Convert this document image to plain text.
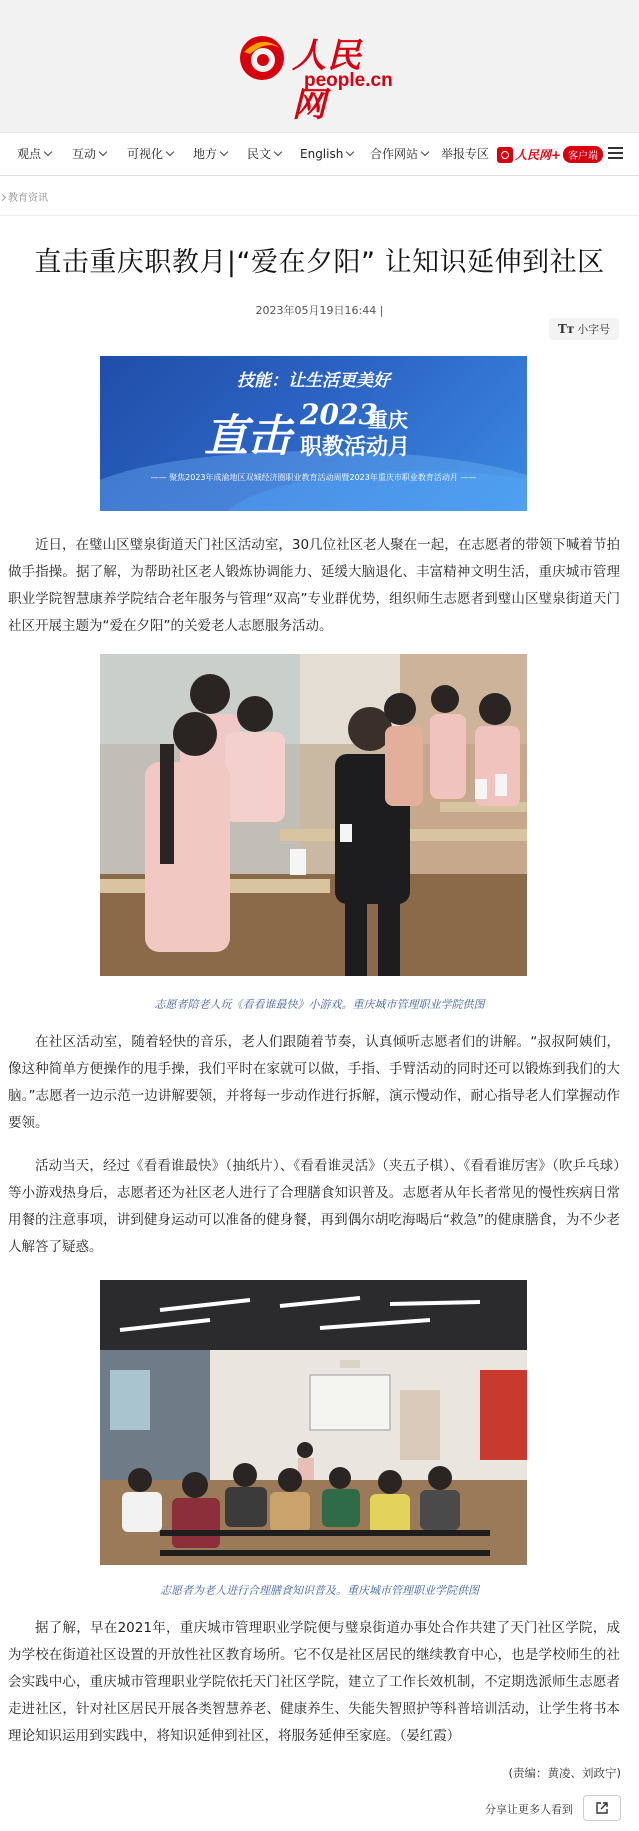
人民网
people.cn
观点	互动	可视化	地方	民文	English	合作网站	举报专区	人民网+ 客户端
教育资讯
直击重庆职教月|“爱在夕阳” 让知识延伸到社区
2023年05月19日16:44 |
Tт 小字号
技能：让生活更美好
直击 2023
重庆
职教活动月
—— 聚焦2023年成渝地区双城经济圈职业教育活动周暨2023年重庆市职业教育活动月 ——

近日，在璧山区璧泉街道天门社区活动室，30几位社区老人聚在一起，在志愿者的带领下喊着节拍做手指操。据了解，为帮助社区老人锻炼协调能力、延缓大脑退化、丰富精神文明生活，重庆城市管理职业学院智慧康养学院结合老年服务与管理“双高”专业群优势，组织师生志愿者到璧山区璧泉街道天门社区开展主题为“爱在夕阳”的关爱老人志愿服务活动。

志愿者陪老人玩《看看谁最快》小游戏。重庆城市管理职业学院供图

在社区活动室，随着轻快的音乐，老人们跟随着节奏，认真倾听志愿者们的讲解。“叔叔阿姨们，像这种简单方便操作的甩手操，我们平时在家就可以做，手指、手臂活动的同时还可以锻炼到我们的大脑。”志愿者一边示范一边讲解要领，并将每一步动作进行拆解，演示慢动作，耐心指导老人们掌握动作要领。

活动当天，经过《看看谁最快》（抽纸片）、《看看谁灵活》（夹五子棋）、《看看谁厉害》（吹乒乓球）等小游戏热身后，志愿者还为社区老人进行了合理膳食知识普及。志愿者从年长者常见的慢性疾病日常用餐的注意事项，讲到健身运动可以准备的健身餐，再到偶尔胡吃海喝后“救急”的健康膳食，为不少老人解答了疑惑。

志愿者为老人进行合理膳食知识普及。重庆城市管理职业学院供图

据了解，早在2021年，重庆城市管理职业学院便与璧泉街道办事处合作共建了天门社区学院，成为学校在街道社区设置的开放性社区教育场所。它不仅是社区居民的继续教育中心，也是学校师生的社会实践中心，重庆城市管理职业学院依托天门社区学院，建立了工作长效机制，不定期选派师生志愿者走进社区，针对社区居民开展各类智慧养老、健康养生、失能失智照护等科普培训活动，让学生将书本理论知识运用到实践中，将知识延伸到社区，将服务延伸至家庭。（晏红霞）

(责编：黄凌、刘政宁)
分享让更多人看到
